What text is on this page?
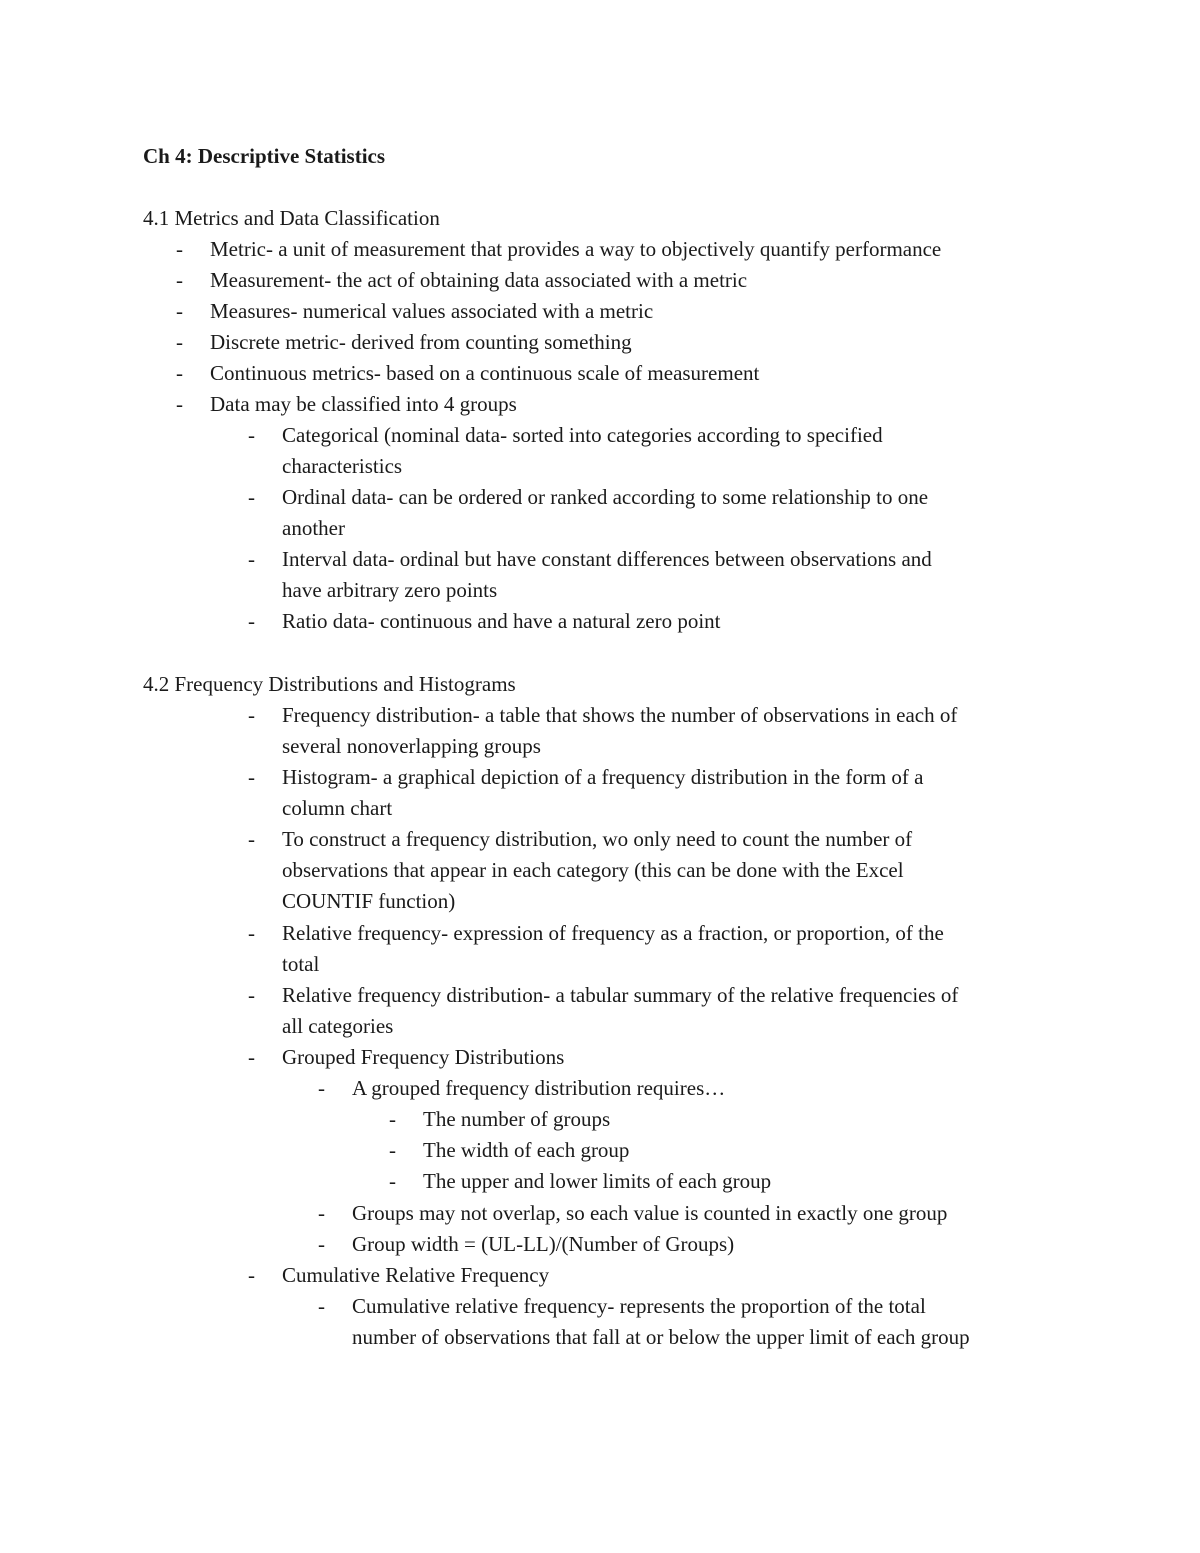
Ch 4: Descriptive Statistics
4.1 Metrics and Data Classification
-	Metric- a unit of measurement that provides a way to objectively quantify performance
-	Measurement- the act of obtaining data associated with a metric
-	Measures- numerical values associated with a metric
-	Discrete metric- derived from counting something
-	Continuous metrics- based on a continuous scale of measurement
-	Data may be classified into 4 groups
-	Categorical (nominal data- sorted into categories according to specified
characteristics
-	Ordinal data- can be ordered or ranked according to some relationship to one
another
-	Interval data- ordinal but have constant differences between observations and
have arbitrary zero points
-	Ratio data- continuous and have a natural zero point
4.2 Frequency Distributions and Histograms
-	Frequency distribution- a table that shows the number of observations in each of
several nonoverlapping groups
-	Histogram- a graphical depiction of a frequency distribution in the form of a
column chart
-	To construct a frequency distribution, wo only need to count the number of
observations that appear in each category (this can be done with the Excel
COUNTIF function)
-	Relative frequency- expression of frequency as a fraction, or proportion, of the
total
-	Relative frequency distribution- a tabular summary of the relative frequencies of
all categories
-	Grouped Frequency Distributions
-	A grouped frequency distribution requires…
-	The number of groups
-	The width of each group
-	The upper and lower limits of each group
-	Groups may not overlap, so each value is counted in exactly one group
-	Group width = (UL-LL)/(Number of Groups)
-	Cumulative Relative Frequency
-	Cumulative relative frequency- represents the proportion of the total
number of observations that fall at or below the upper limit of each group
